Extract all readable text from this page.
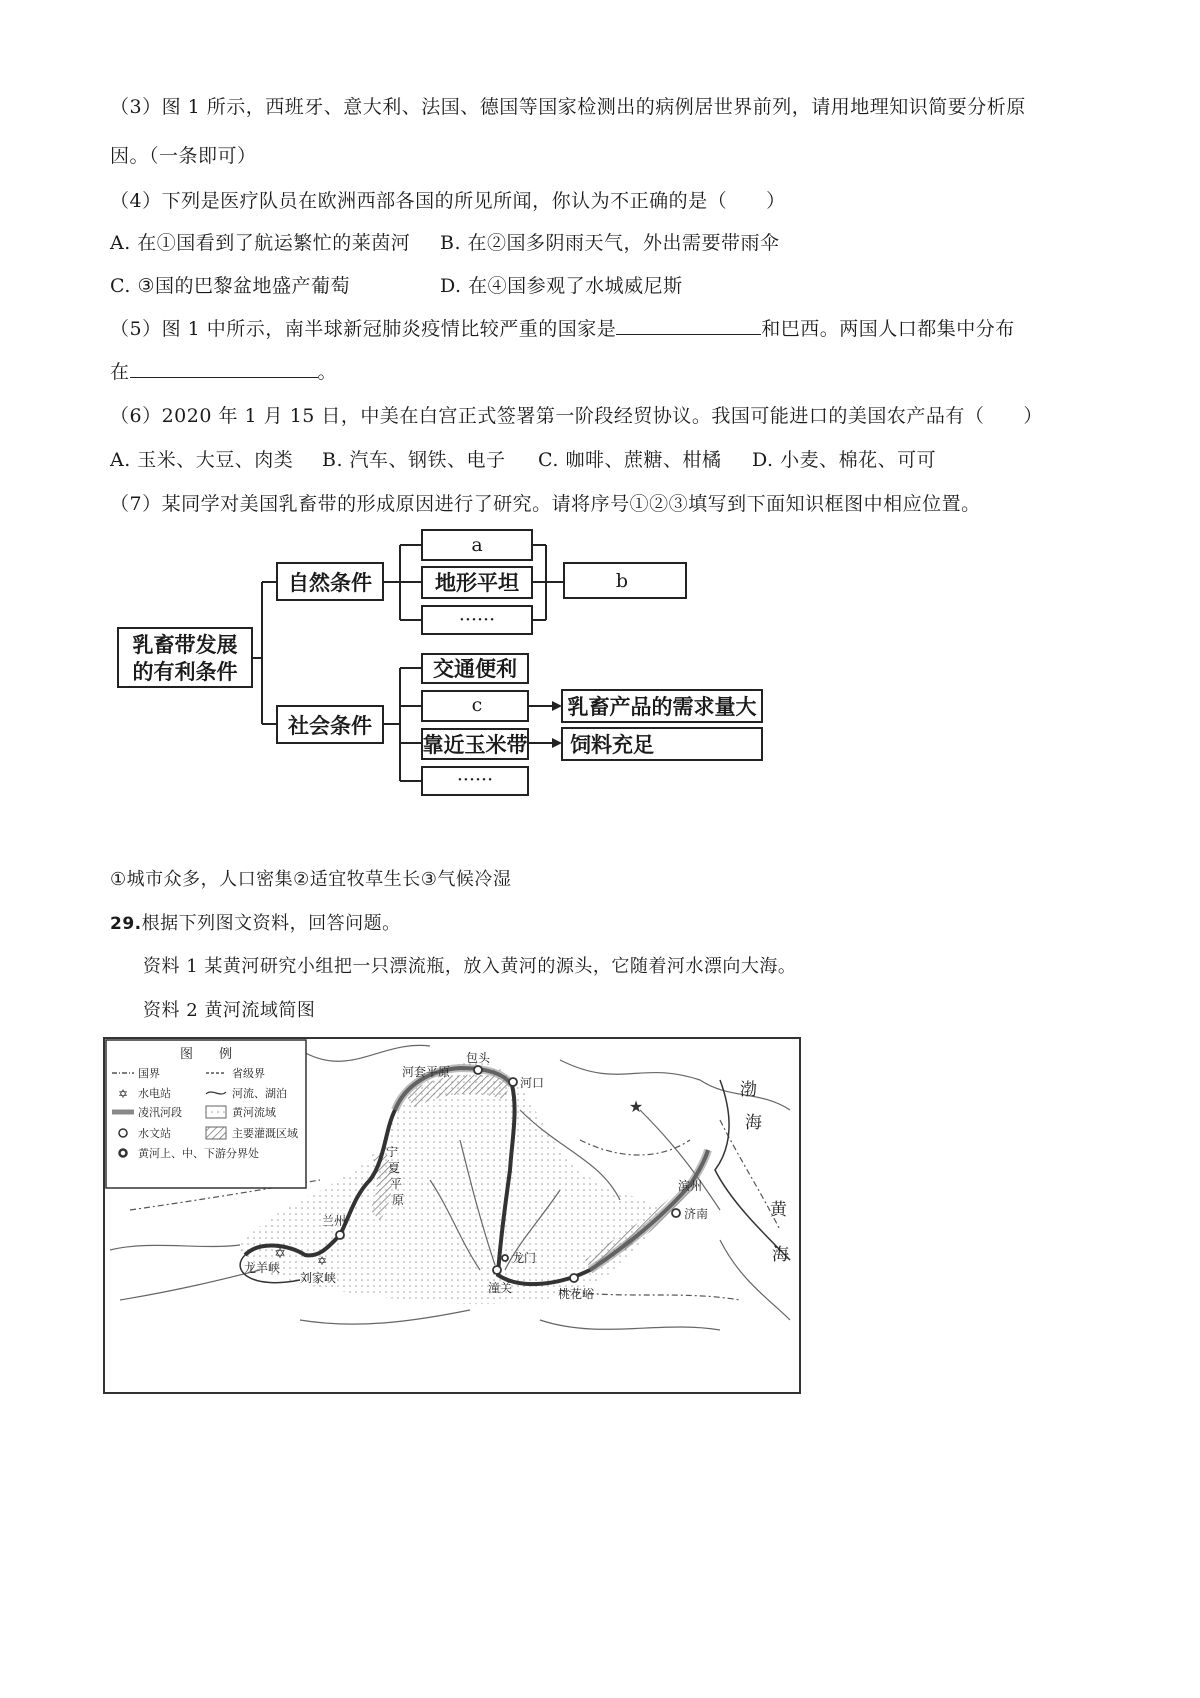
（3）图 1 所示，西班牙、意大利、法国、德国等国家检测出的病例居世界前列，请用地理知识简要分析原
因。（一条即可）
（4）下列是医疗队员在欧洲西部各国的所见所闻，你认为不正确的是（　　）
A. 在①国看到了航运繁忙的莱茵河 B. 在②国多阴雨天气，外出需要带雨伞
C. ③国的巴黎盆地盛产葡萄	D. 在④国参观了水城威尼斯
（5）图 1 中所示，南半球新冠肺炎疫情比较严重的国家是	和巴西。两国人口都集中分布
在	。
（6）2020 年 1 月 15 日，中美在白宫正式签署第一阶段经贸协议。我国可能进口的美国农产品有（　　）
A. 玉米、大豆、肉类 B. 汽车、钢铁、电子 C. 咖啡、蔗糖、柑橘 D. 小麦、棉花、可可
（7）某同学对美国乳畜带的形成原因进行了研究。请将序号①②③填写到下面知识框图中相应位置。
乳畜带发展
的有利条件
自然条件
社会条件
地形平坦
交通便利
靠近玉米带
乳畜产品的需求量大
饲料充足
a
b
c
······
······
①城市众多，人口密集②适宜牧草生长③气候冷湿
29.根据下列图文资料，回答问题。
资料 1 某黄河研究小组把一只漂流瓶，放入黄河的源头，它随着河水漂向大海。
资料 2 黄河流域简图
✡	✡
★
河套平原
包头
河口
宁
夏
平
原
兰州
龙羊峡
刘家峡
龙门
潼关	桃花峪
济南
滨州
渤
海
黄
海
图　　例
✡
国界	省级界
水电站	河流、湖泊
凌汛河段	黄河流域
水文站	主要灌溉区域
黄河上、中、下游分界处
